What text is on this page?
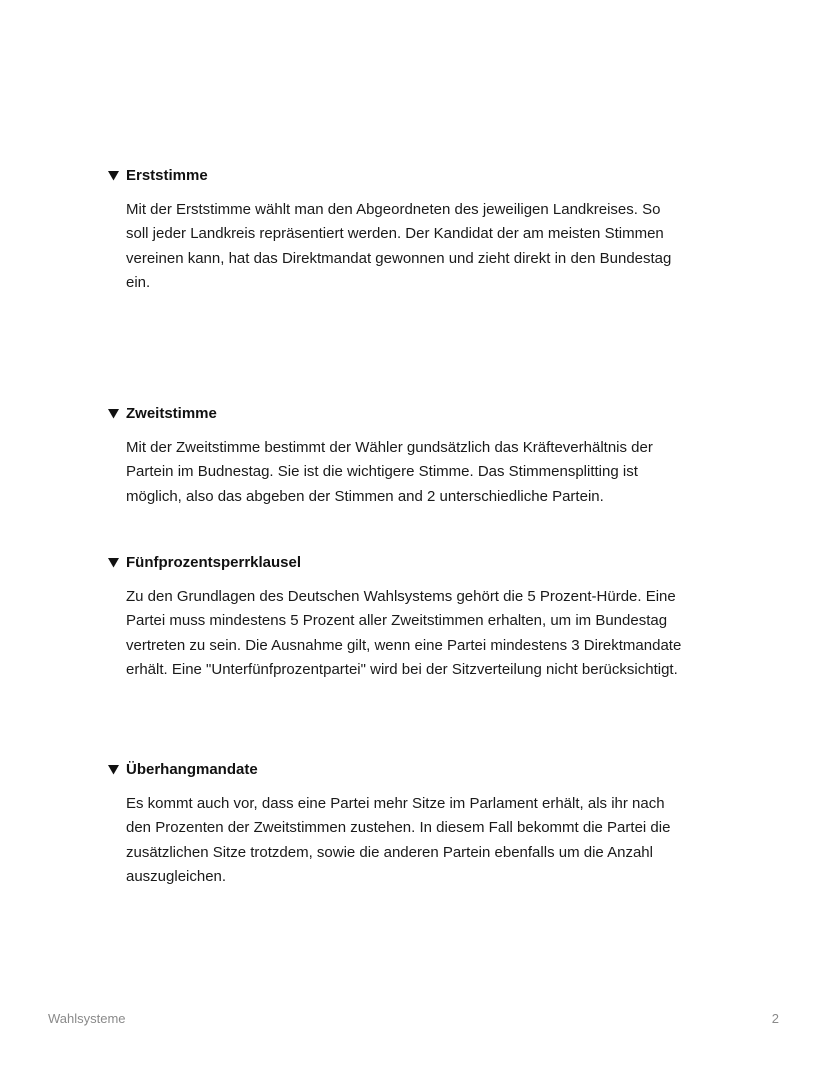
Erststimme

Mit der Erststimme wählt man den Abgeordneten des jeweiligen Landkreises. So
soll jeder Landkreis repräsentiert werden. Der Kandidat der am meisten Stimmen
vereinen kann, hat das Direktmandat gewonnen und zieht direkt in den Bundestag
ein.

Zweitstimme

Mit der Zweitstimme bestimmt der Wähler gundsätzlich das Kräfteverhältnis der
Partein im Budnestag. Sie ist die wichtigere Stimme. Das Stimmensplitting ist
möglich, also das abgeben der Stimmen and 2 unterschiedliche Partein.

Fünfprozentsperrklausel

Zu den Grundlagen des Deutschen Wahlsystems gehört die 5 Prozent-Hürde. Eine
Partei muss mindestens 5 Prozent aller Zweitstimmen erhalten, um im Bundestag
vertreten zu sein. Die Ausnahme gilt, wenn eine Partei mindestens 3 Direktmandate
erhält. Eine "Unterfünfprozentpartei" wird bei der Sitzverteilung nicht berücksichtigt.

Überhangmandate

Es kommt auch vor, dass eine Partei mehr Sitze im Parlament erhält, als ihr nach
den Prozenten der Zweitstimmen zustehen. In diesem Fall bekommt die Partei die
zusätzlichen Sitze trotzdem, sowie die anderen Partein ebenfalls um die Anzahl
auszugleichen.

Wahlsysteme	2
